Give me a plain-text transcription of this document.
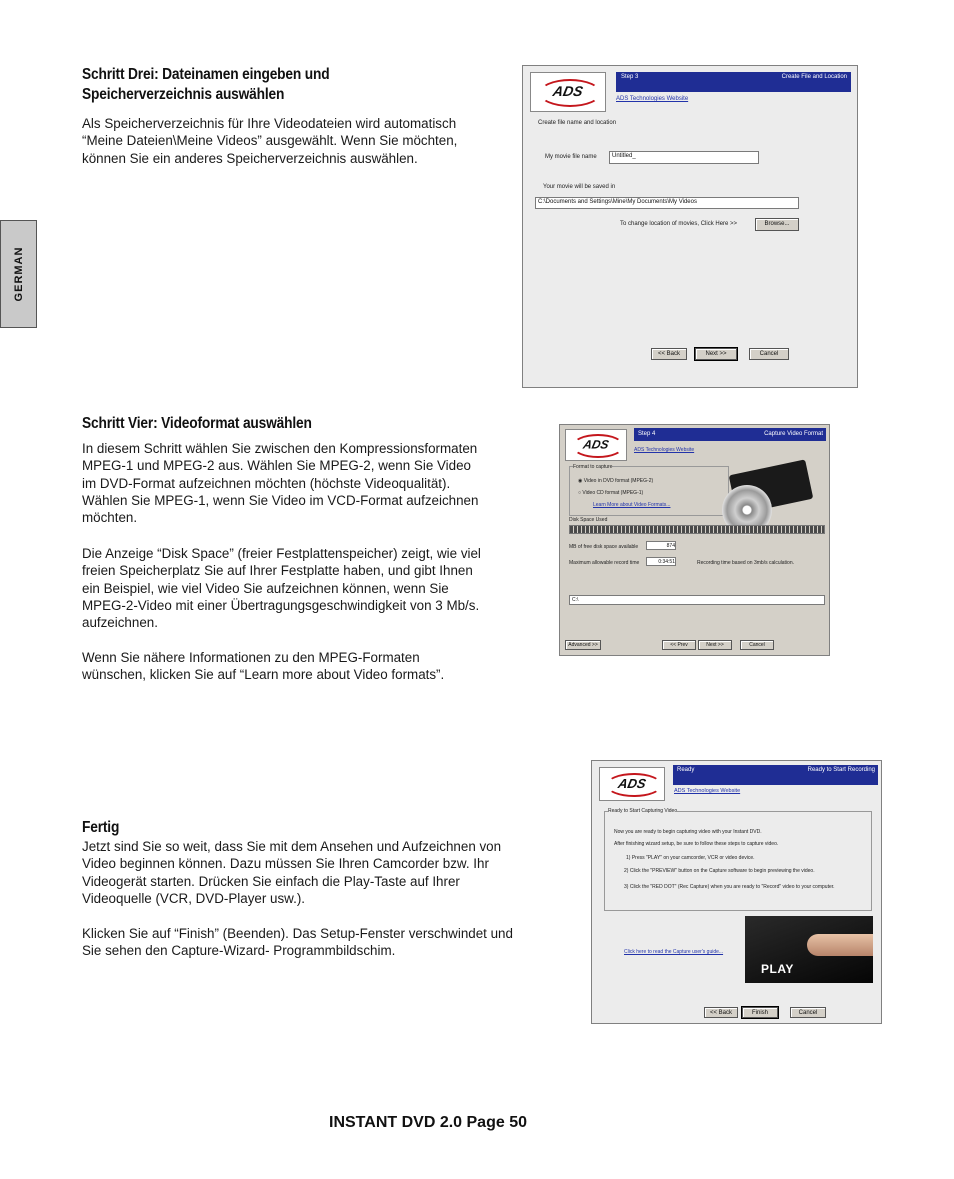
GERMAN
Schritt Drei: Dateinamen eingeben und
Speicherverzeichnis auswählen
Als Speicherverzeichnis für Ihre Videodateien wird automatisch
“Meine Dateien\Meine Videos” ausgewählt. Wenn Sie möchten,
können Sie ein anderes Speicherverzeichnis auswählen.
Step 3	Create File and Location
ADS	ADS Technologies Website
Create file name and location
My movie file name	Untitled_
Your movie will be saved in
C:\Documents and Settings\Mine\My Documents\My Videos
To change location of movies, Click Here >>	Browse...
<< Back	Next >>	Cancel
Schritt Vier: Videoformat auswählen
In diesem Schritt wählen Sie zwischen den Kompressionsformaten
MPEG-1 und MPEG-2 aus. Wählen Sie MPEG-2, wenn Sie Video
im DVD-Format aufzeichnen möchten (höchste Videoqualität).
Wählen Sie MPEG-1, wenn Sie Video im VCD-Format aufzeichnen
möchten.
Die Anzeige “Disk Space” (freier Festplattenspeicher) zeigt, wie viel
freien Speicherplatz Sie auf Ihrer Festplatte haben, und gibt Ihnen
ein Beispiel, wie viel Video Sie aufzeichnen können, wenn Sie
MPEG-2-Video mit einer Übertragungsgeschwindigkeit von 3 Mb/s.
aufzeichnen.
Wenn Sie nähere Informationen zu den MPEG-Formaten
wünschen, klicken Sie auf “Learn more about Video formats”.
Step 4	Capture Video Format
ADS	ADS Technologies Website
Format to capture
◉ Video in DVD format (MPEG-2)
○ Video CD format (MPEG-1)
Learn More about Video Formats...
Disk Space Used
MB of free disk space available	874
Maximum allowable record time	0:34:51	Recording time based on 3mb/s calculation.
C:\
Advanced >>	<< Prev	Next >>	Cancel
Fertig
Jetzt sind Sie so weit, dass Sie mit dem Ansehen und Aufzeichnen von
Video beginnen können. Dazu müssen Sie Ihren Camcorder bzw. Ihr
Videogerät starten. Drücken Sie einfach die Play-Taste auf Ihrer
Videoquelle (VCR, DVD-Player usw.).
Klicken Sie auf “Finish” (Beenden). Das Setup-Fenster verschwindet und
Sie sehen den Capture-Wizard- Programmbildschim.
Ready	Ready to Start Recording
ADS
ADS Technologies Website
Ready to Start Capturing Video
Now you are ready to begin capturing video with your Instant DVD.
After finishing wizard setup, be sure to follow these steps to capture video.
1) Press "PLAY" on your camcorder, VCR or video device.
2) Click the "PREVIEW" button on the Capture software to begin previewing the video.
3) Click the "RED DOT" (Rec Capture) when you are ready to "Record" video to your computer.
PLAY
Click here to read the Capture user's guide...
<< Back	Finish	Cancel
INSTANT DVD 2.0 Page 50
